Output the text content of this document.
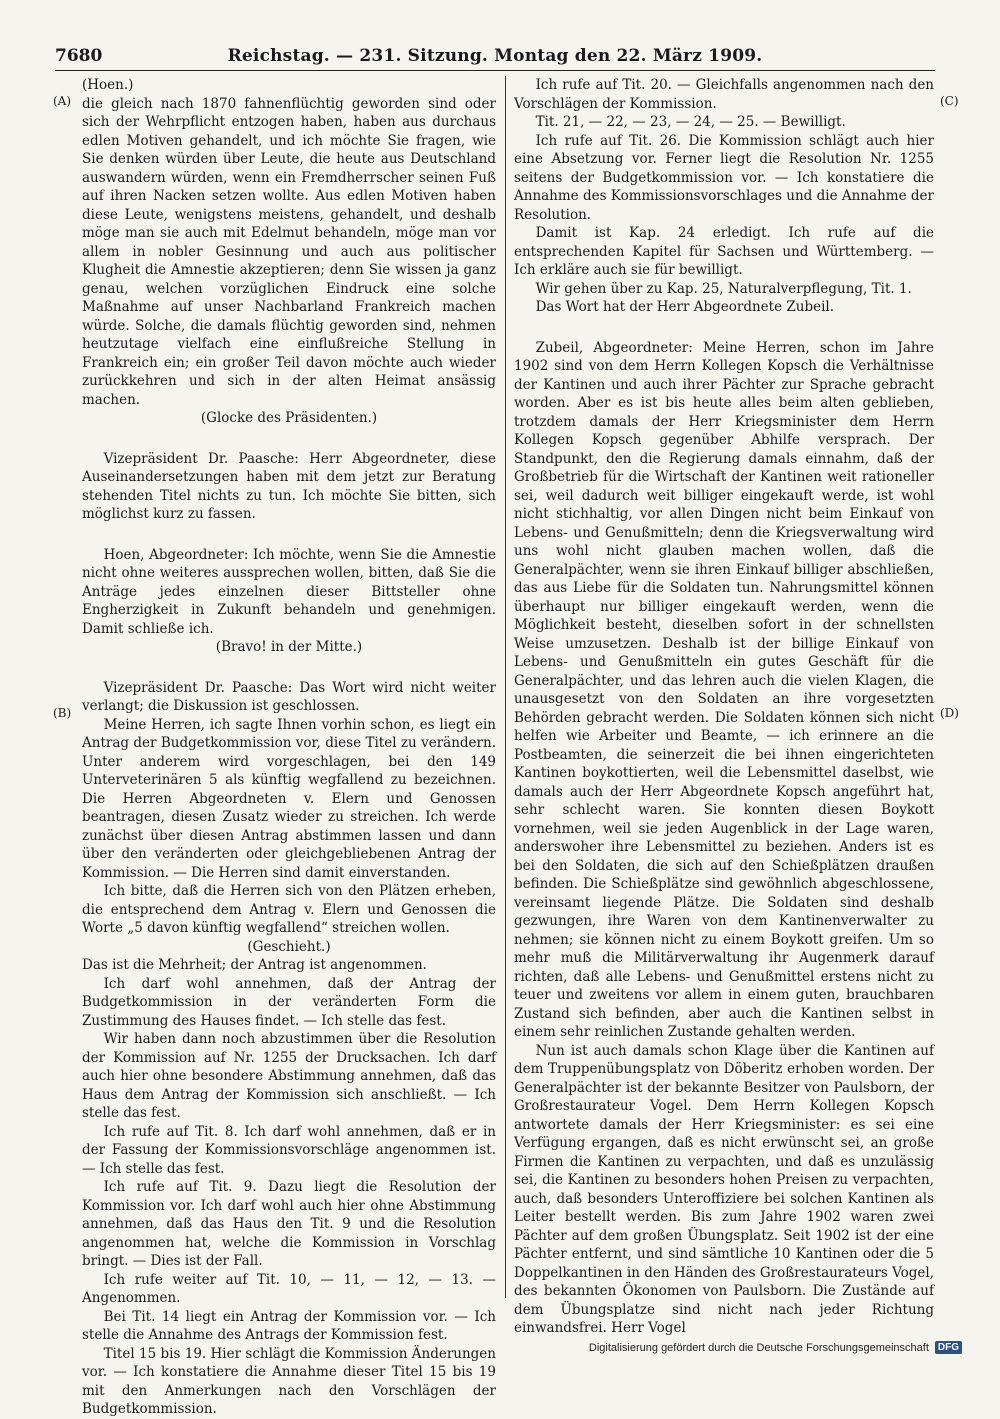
7680	Reichstag. — 231. Sitzung. Montag den 22. März 1909.
(A)
(B)
(C)
(D)

(Hoen.)

die gleich nach 1870 fahnenflüchtig geworden sind oder sich der Wehrpflicht entzogen haben, haben aus durchaus edlen Motiven gehandelt, und ich möchte Sie fragen, wie Sie denken würden über Leute, die heute aus Deutschland auswandern würden, wenn ein Fremdherrscher seinen Fuß auf ihren Nacken setzen wollte. Aus edlen Motiven haben diese Leute, wenigstens meistens, gehandelt, und deshalb möge man sie auch mit Edelmut behandeln, möge man vor allem in nobler Gesinnung und auch aus politischer Klugheit die Amnestie akzeptieren; denn Sie wissen ja ganz genau, welchen vorzüglichen Eindruck eine solche Maßnahme auf unser Nachbarland Frankreich machen würde. Solche, die damals flüchtig geworden sind, nehmen heutzutage vielfach eine einflußreiche Stellung in Frankreich ein; ein großer Teil davon möchte auch wieder zurückkehren und sich in der alten Heimat ansässig machen.

(Glocke des Präsidenten.)

Vizepräsident Dr. Paasche: Herr Abgeordneter, diese Auseinandersetzungen haben mit dem jetzt zur Beratung stehenden Titel nichts zu tun. Ich möchte Sie bitten, sich möglichst kurz zu fassen.

Hoen, Abgeordneter: Ich möchte, wenn Sie die Amnestie nicht ohne weiteres aussprechen wollen, bitten, daß Sie die Anträge jedes einzelnen dieser Bittsteller ohne Engherzigkeit in Zukunft behandeln und genehmigen. Damit schließe ich.

(Bravo! in der Mitte.)

Vizepräsident Dr. Paasche: Das Wort wird nicht weiter verlangt; die Diskussion ist geschlossen.

Meine Herren, ich sagte Ihnen vorhin schon, es liegt ein Antrag der Budgetkommission vor, diese Titel zu verändern. Unter anderem wird vorgeschlagen, bei den 149 Unterveterinären 5 als künftig wegfallend zu bezeichnen. Die Herren Abgeordneten v. Elern und Genossen beantragen, diesen Zusatz wieder zu streichen. Ich werde zunächst über diesen Antrag abstimmen lassen und dann über den veränderten oder gleichgebliebenen Antrag der Kommission. — Die Herren sind damit einverstanden.

Ich bitte, daß die Herren sich von den Plätzen erheben, die entsprechend dem Antrag v. Elern und Genossen die Worte „5 davon künftig wegfallend“ streichen wollen.

(Geschieht.)

Das ist die Mehrheit; der Antrag ist angenommen.

Ich darf wohl annehmen, daß der Antrag der Budgetkommission in der veränderten Form die Zustimmung des Hauses findet. — Ich stelle das fest.

Wir haben dann noch abzustimmen über die Resolution der Kommission auf Nr. 1255 der Drucksachen. Ich darf auch hier ohne besondere Abstimmung annehmen, daß das Haus dem Antrag der Kommission sich anschließt. — Ich stelle das fest.

Ich rufe auf Tit. 8. Ich darf wohl annehmen, daß er in der Fassung der Kommissionsvorschläge angenommen ist. — Ich stelle das fest.

Ich rufe auf Tit. 9. Dazu liegt die Resolution der Kommission vor. Ich darf wohl auch hier ohne Abstimmung annehmen, daß das Haus den Tit. 9 und die Resolution angenommen hat, welche die Kommission in Vorschlag bringt. — Dies ist der Fall.

Ich rufe weiter auf Tit. 10, — 11, — 12, — 13. — Angenommen.

Bei Tit. 14 liegt ein Antrag der Kommission vor. — Ich stelle die Annahme des Antrags der Kommission fest.

Titel 15 bis 19. Hier schlägt die Kommission Änderungen vor. — Ich konstatiere die Annahme dieser Titel 15 bis 19 mit den Anmerkungen nach den Vorschlägen der Budgetkommission.

Ich rufe auf Tit. 20. — Gleichfalls angenommen nach den Vorschlägen der Kommission.

Tit. 21, — 22, — 23, — 24, — 25. — Bewilligt.

Ich rufe auf Tit. 26. Die Kommission schlägt auch hier eine Absetzung vor. Ferner liegt die Resolution Nr. 1255 seitens der Budgetkommission vor. — Ich konstatiere die Annahme des Kommissionsvorschlages und die Annahme der Resolution.

Damit ist Kap. 24 erledigt. Ich rufe auf die entsprechenden Kapitel für Sachsen und Württemberg. — Ich erkläre auch sie für bewilligt.

Wir gehen über zu Kap. 25, Naturalverpflegung, Tit. 1.

Das Wort hat der Herr Abgeordnete Zubeil.

Zubeil, Abgeordneter: Meine Herren, schon im Jahre 1902 sind von dem Herrn Kollegen Kopsch die Verhältnisse der Kantinen und auch ihrer Pächter zur Sprache gebracht worden. Aber es ist bis heute alles beim alten geblieben, trotzdem damals der Herr Kriegsminister dem Herrn Kollegen Kopsch gegenüber Abhilfe versprach. Der Standpunkt, den die Regierung damals einnahm, daß der Großbetrieb für die Wirtschaft der Kantinen weit rationeller sei, weil dadurch weit billiger eingekauft werde, ist wohl nicht stichhaltig, vor allen Dingen nicht beim Einkauf von Lebens- und Genußmitteln; denn die Kriegsverwaltung wird uns wohl nicht glauben machen wollen, daß die Generalpächter, wenn sie ihren Einkauf billiger abschließen, das aus Liebe für die Soldaten tun. Nahrungsmittel können überhaupt nur billiger eingekauft werden, wenn die Möglichkeit besteht, dieselben sofort in der schnellsten Weise umzusetzen. Deshalb ist der billige Einkauf von Lebens- und Genußmitteln ein gutes Geschäft für die Generalpächter, und das lehren auch die vielen Klagen, die unausgesetzt von den Soldaten an ihre vorgesetzten Behörden gebracht werden. Die Soldaten können sich nicht helfen wie Arbeiter und Beamte, — ich erinnere an die Postbeamten, die seinerzeit die bei ihnen eingerichteten Kantinen boykottierten, weil die Lebensmittel daselbst, wie damals auch der Herr Abgeordnete Kopsch angeführt hat, sehr schlecht waren. Sie konnten diesen Boykott vornehmen, weil sie jeden Augenblick in der Lage waren, anderswoher ihre Lebensmittel zu beziehen. Anders ist es bei den Soldaten, die sich auf den Schießplätzen draußen befinden. Die Schießplätze sind gewöhnlich abgeschlossene, vereinsamt liegende Plätze. Die Soldaten sind deshalb gezwungen, ihre Waren von dem Kantinenverwalter zu nehmen; sie können nicht zu einem Boykott greifen. Um so mehr muß die Militärverwaltung ihr Augenmerk darauf richten, daß alle Lebens- und Genußmittel erstens nicht zu teuer und zweitens vor allem in einem guten, brauchbaren Zustand sich befinden, aber auch die Kantinen selbst in einem sehr reinlichen Zustande gehalten werden.

Nun ist auch damals schon Klage über die Kantinen auf dem Truppenübungsplatz von Döberitz erhoben worden. Der Generalpächter ist der bekannte Besitzer von Paulsborn, der Großrestaurateur Vogel. Dem Herrn Kollegen Kopsch antwortete damals der Herr Kriegsminister: es sei eine Verfügung ergangen, daß es nicht erwünscht sei, an große Firmen die Kantinen zu verpachten, und daß es unzulässig sei, die Kantinen zu besonders hohen Preisen zu verpachten, auch, daß besonders Unteroffiziere bei solchen Kantinen als Leiter bestellt werden. Bis zum Jahre 1902 waren zwei Pächter auf dem großen Übungsplatz. Seit 1902 ist der eine Pächter entfernt, und sind sämtliche 10 Kantinen oder die 5 Doppelkantinen in den Händen des Großrestaurateurs Vogel, des bekannten Ökonomen von Paulsborn. Die Zustände auf dem Übungsplatze sind nicht nach jeder Richtung einwandsfrei. Herr Vogel

Digitalisierung gefördert durch die Deutsche Forschungsgemeinschaft DFG
